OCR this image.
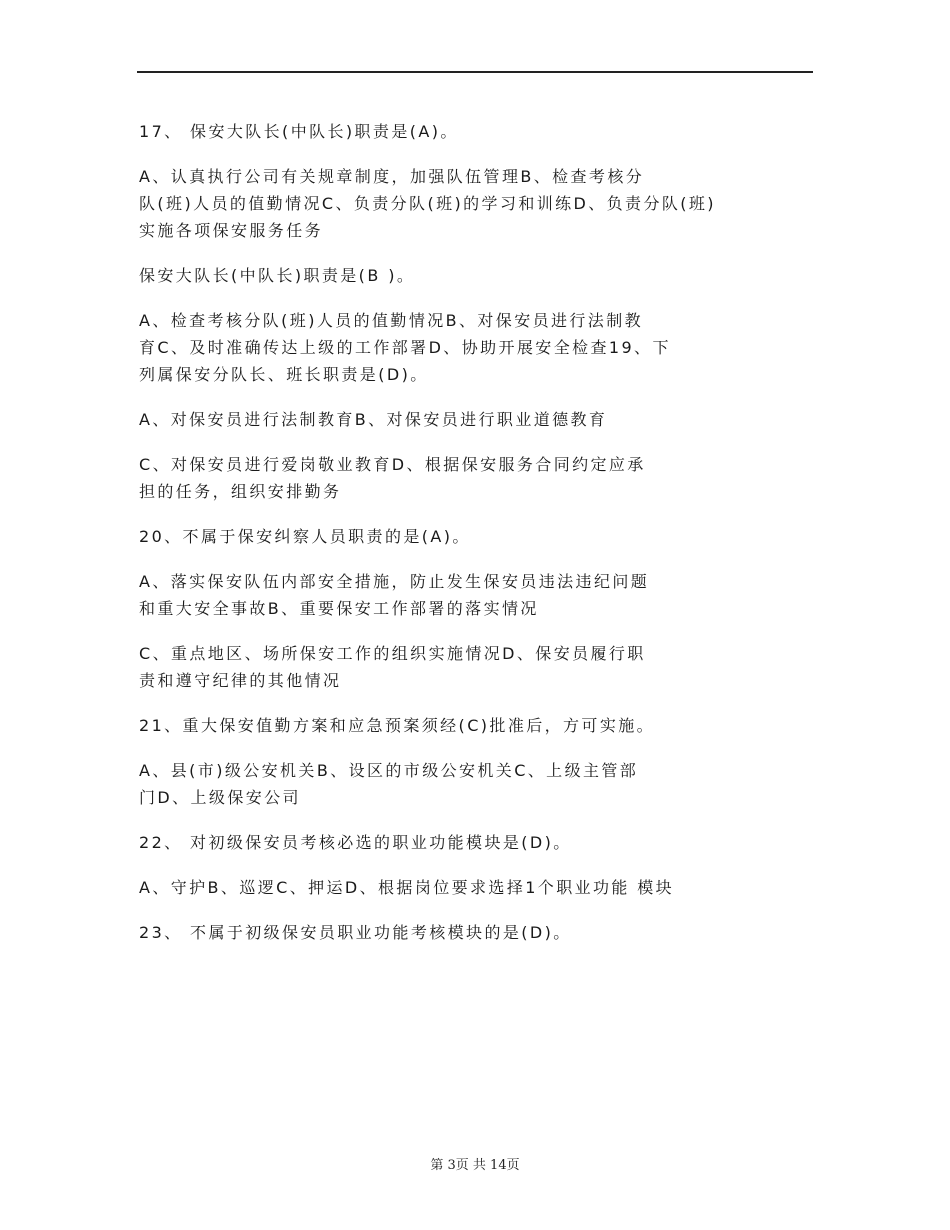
17、 保安大队长(中队长)职责是(A)。
A、认真执行公司有关规章制度，加强队伍管理B、检查考核分
队(班)人员的值勤情况C、负责分队(班)的学习和训练D、负责分队(班)
实施各项保安服务任务
保安大队长(中队长)职责是(B )。
A、检查考核分队(班)人员的值勤情况B、对保安员进行法制教
育C、及时准确传达上级的工作部署D、协助开展安全检查19、下
列属保安分队长、班长职责是(D)。
A、对保安员进行法制教育B、对保安员进行职业道德教育
C、对保安员进行爱岗敬业教育D、根据保安服务合同约定应承
担的任务，组织安排勤务
20、不属于保安纠察人员职责的是(A)。
A、落实保安队伍内部安全措施，防止发生保安员违法违纪问题
和重大安全事故B、重要保安工作部署的落实情况
C、重点地区、场所保安工作的组织实施情况D、保安员履行职
责和遵守纪律的其他情况
21、重大保安值勤方案和应急预案须经(C)批准后，方可实施。
A、县(市)级公安机关B、设区的市级公安机关C、上级主管部
门D、上级保安公司
22、 对初级保安员考核必选的职业功能模块是(D)。
A、守护B、巡逻C、押运D、根据岗位要求选择1个职业功能 模块
23、 不属于初级保安员职业功能考核模块的是(D)。
第 3页 共 14页
